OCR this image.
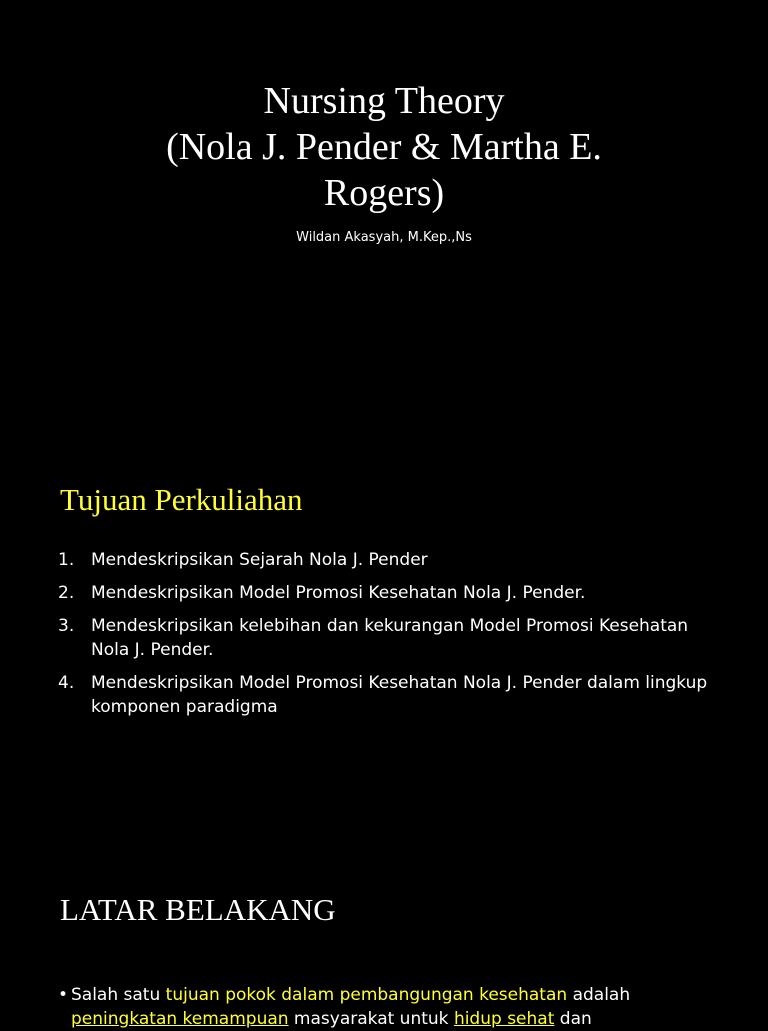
Nursing Theory
(Nola J. Pender & Martha E.
Rogers)
Wildan Akasyah, M.Kep.,Ns
Tujuan Perkuliahan
1. Mendeskripsikan Sejarah Nola J. Pender
2. Mendeskripsikan Model Promosi Kesehatan Nola J. Pender.
3. Mendeskripsikan kelebihan dan kekurangan Model Promosi Kesehatan Nola J. Pender.
4. Mendeskripsikan Model Promosi Kesehatan Nola J. Pender dalam lingkup komponen paradigma
LATAR BELAKANG
• Salah satu tujuan pokok dalam pembangungan kesehatan adalah peningkatan kemampuan masyarakat untuk hidup sehat dan
